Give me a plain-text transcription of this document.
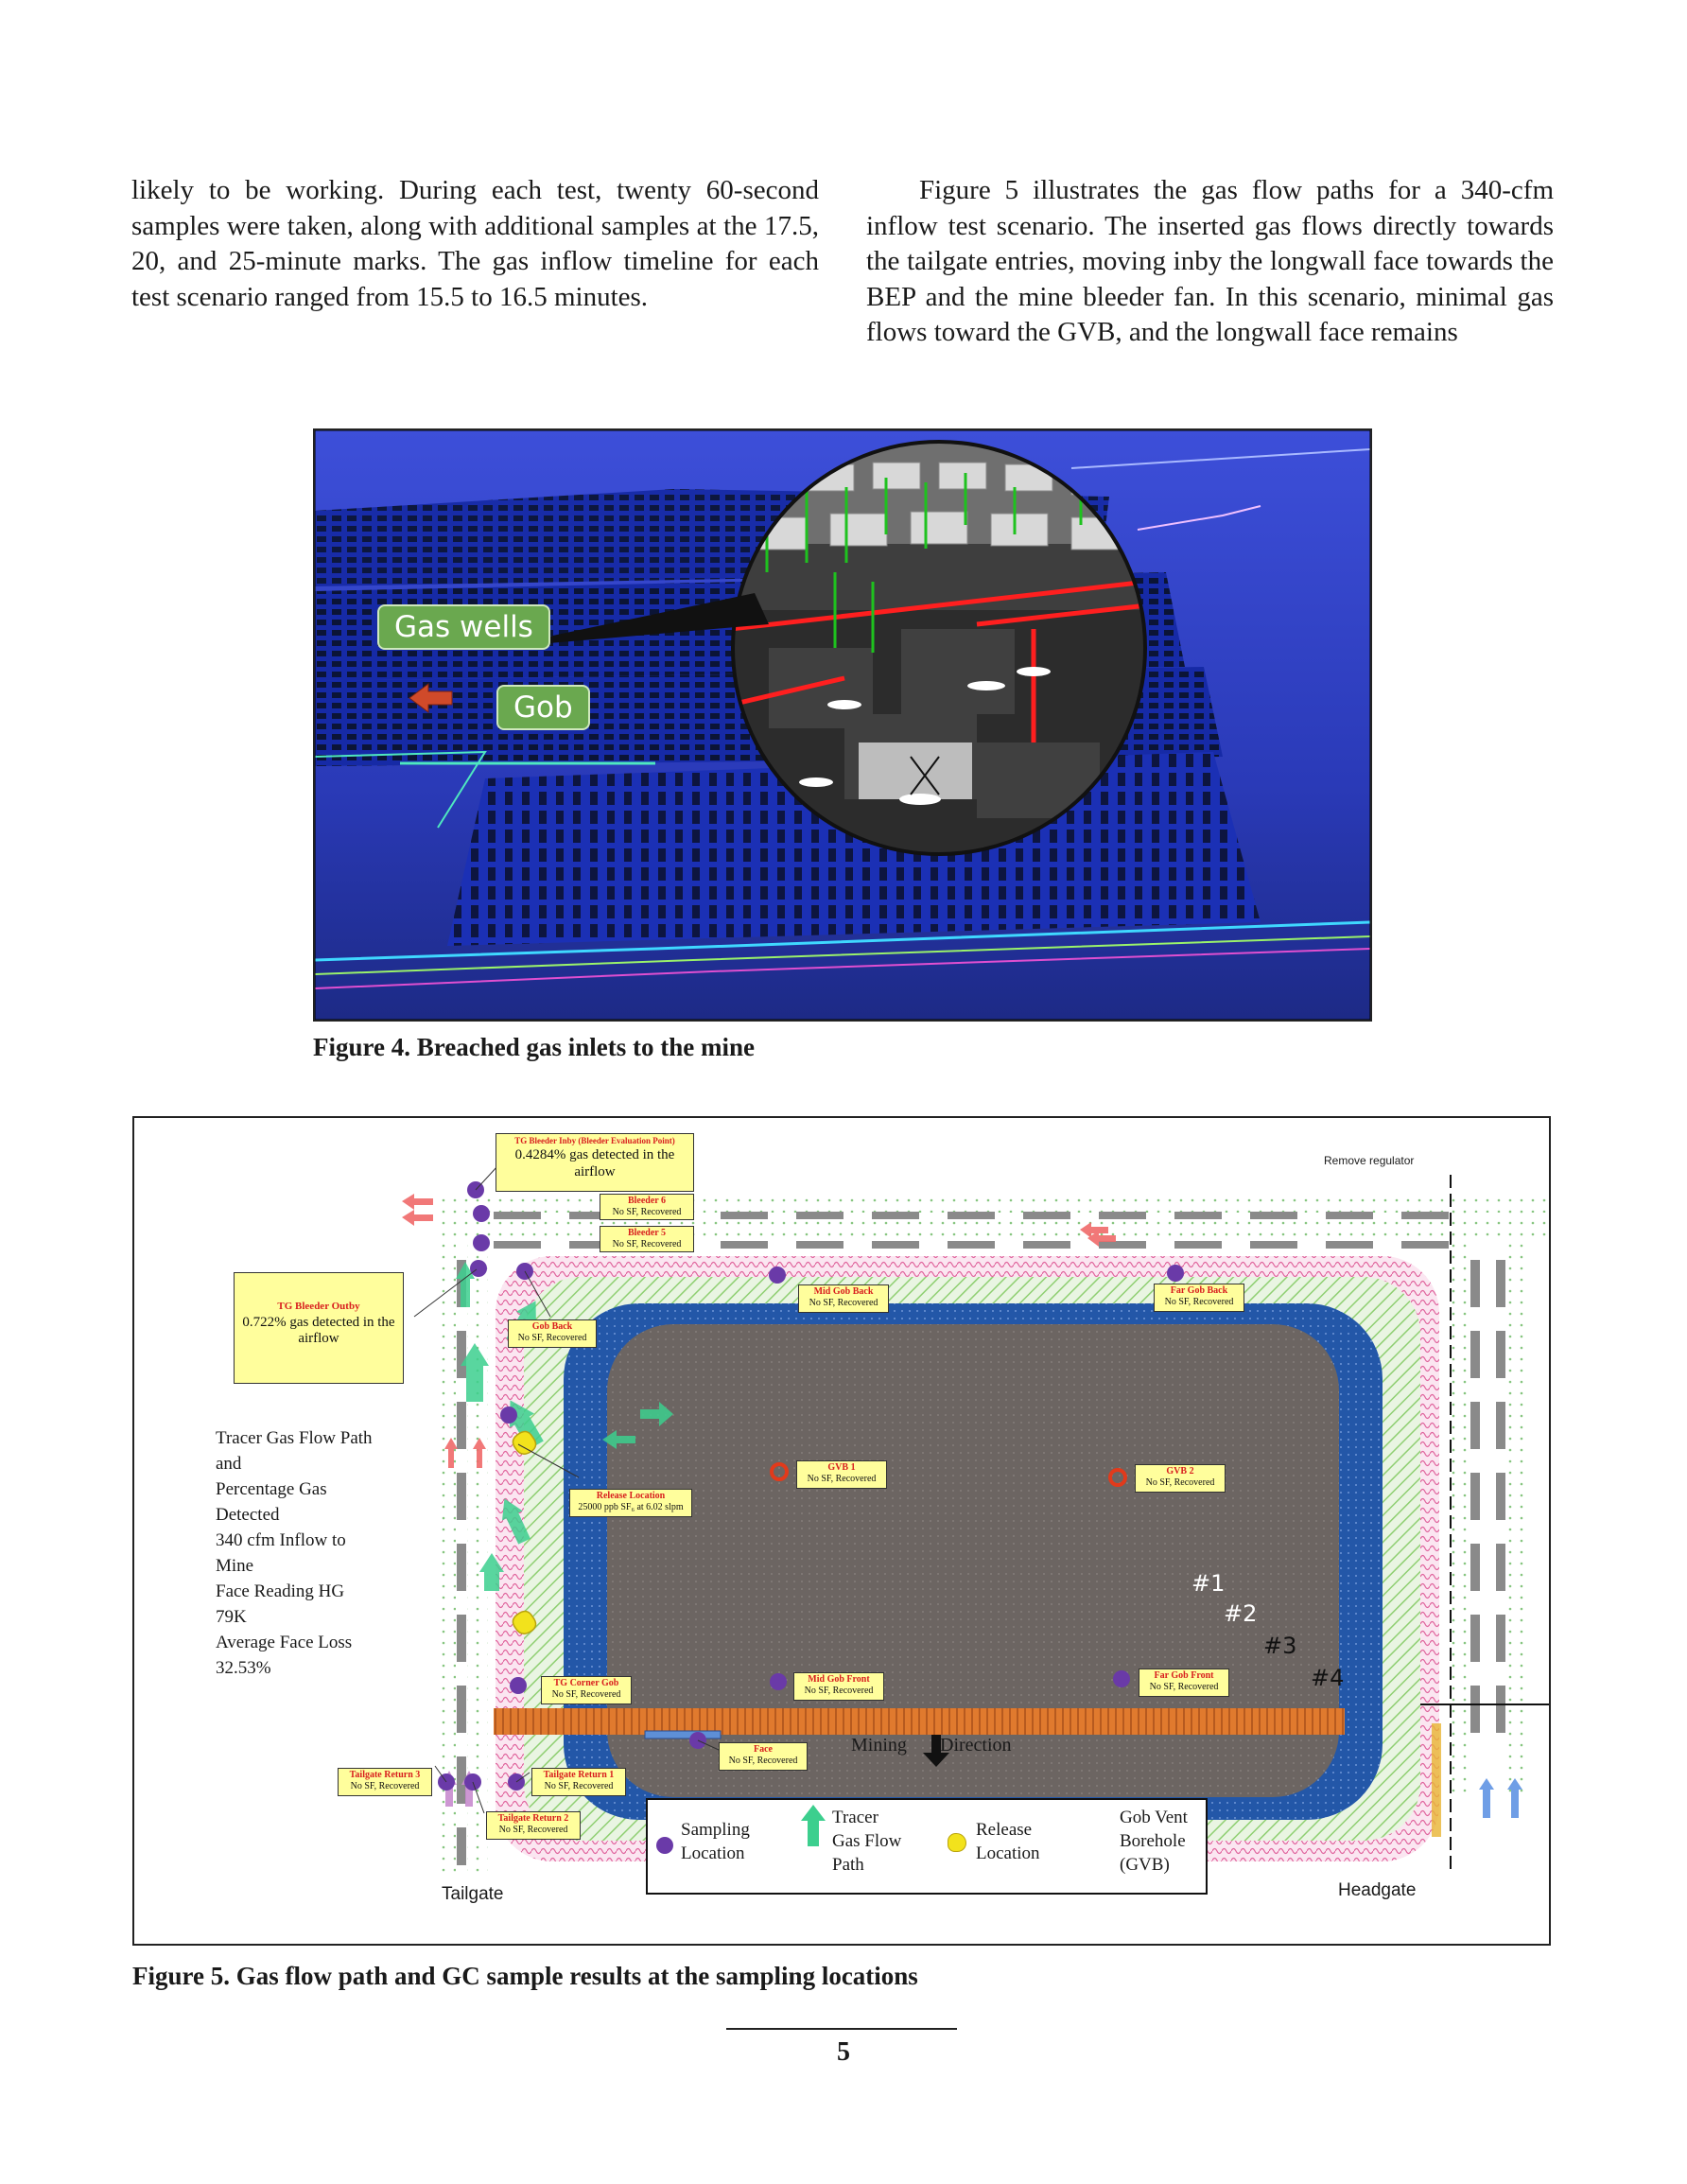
likely to be working. During each test, twenty 60-second samples were taken, along with additional samples at the 17.5, 20, and 25-minute marks. The gas inflow timeline for each test scenario ranged from 15.5 to 16.5 minutes.

Figure 5 illustrates the gas flow paths for a 340-cfm inflow test scenario. The inserted gas flows directly towards the tailgate entries, moving inby the longwall face towards the BEP and the mine bleeder fan. In this scenario, minimal gas flows toward the GVB, and the longwall face remains

Gas wells
Gob

Figure 4. Breached gas inlets to the mine

TG Bleeder Inby (Bleeder Evaluation Point)
0.4284% gas detected in the airflow
Bleeder 6
No SF, Recovered
Bleeder 5
No SF, Recovered
TG Bleeder Outby
0.722% gas detected in the airflow
Gob Back
No SF, Recovered
Mid Gob Back
No SF, Recovered
Far Gob Back
No SF, Recovered
GVB 1
No SF, Recovered
GVB 2
No SF, Recovered
Release Location
25000 ppb SF₆ at 6.02 slpm
TG Corner Gob
No SF, Recovered
Mid Gob Front
No SF, Recovered
Far Gob Front
No SF, Recovered
Face
No SF, Recovered
Tailgate Return 3
No SF, Recovered
Tailgate Return 1
No SF, Recovered
Tailgate Return 2
No SF, Recovered
Remove regulator

Tracer Gas Flow Path
and
Percentage Gas
Detected
340 cfm Inflow to
Mine
Face Reading HG
79K
Average Face Loss
32.53%

#1
#2
#3
#4
Mining Direction

Sampling
Location

Tracer
Gas Flow
Path

Release
Location

Gob Vent
Borehole
(GVB)

Tailgate	Headgate

Figure 5. Gas flow path and GC sample results at the sampling locations

5
